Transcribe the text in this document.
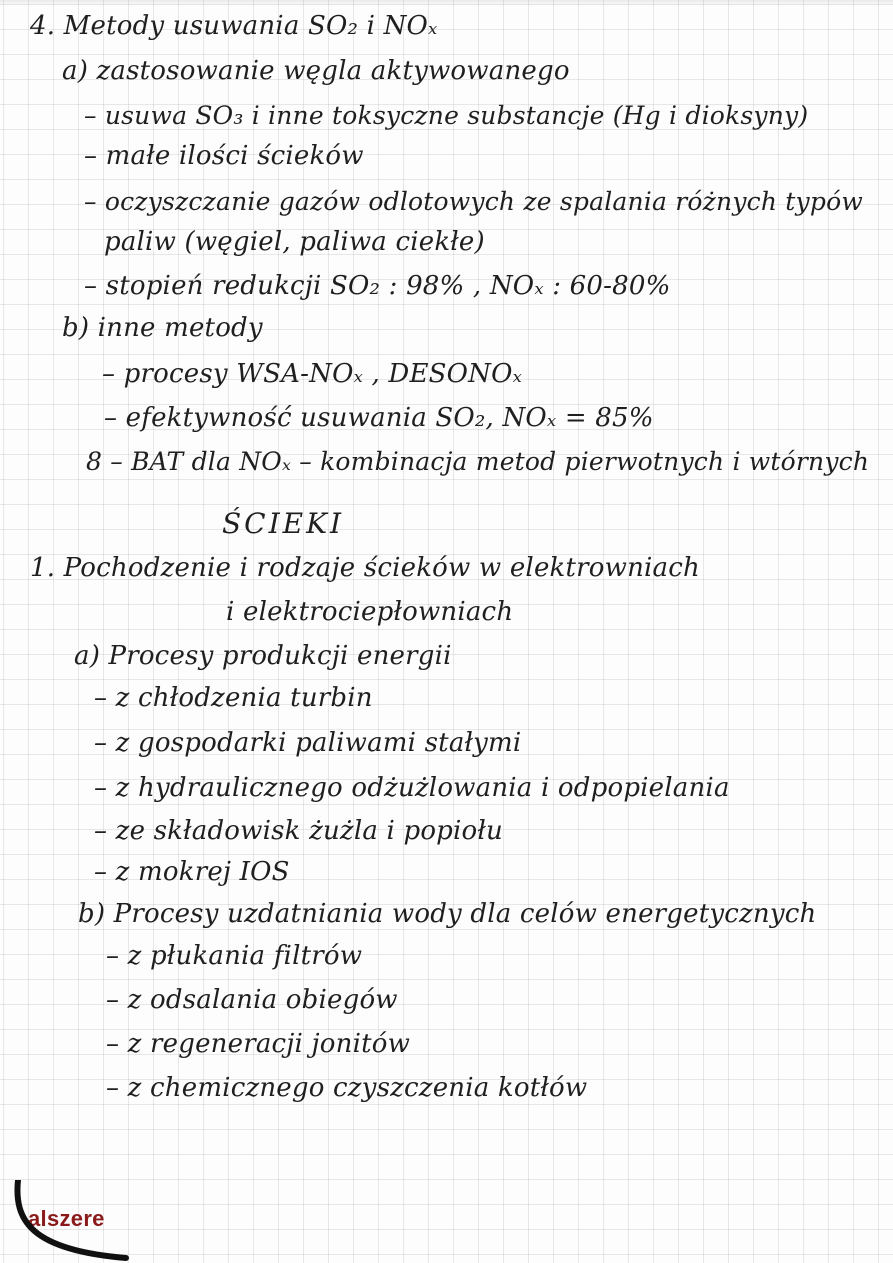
4. Metody usuwania SO₂ i NOₓ
a) zastosowanie węgla aktywowanego
– usuwa SO₃ i inne toksyczne substancje (Hg i dioksyny)
– małe ilości ścieków
– oczyszczanie gazów odlotowych ze spalania różnych typów
paliw (węgiel, paliwa ciekłe)
– stopień redukcji SO₂ : 98% , NOₓ : 60-80%
b) inne metody
– procesy WSA-NOₓ , DESONOₓ
– efektywność usuwania SO₂, NOₓ = 85%
8 – BAT dla NOₓ – kombinacja metod pierwotnych i wtórnych
ŚCIEKI
1. Pochodzenie i rodzaje ścieków w elektrowniach
i elektrociepłowniach
a) Procesy produkcji energii
– z chłodzenia turbin
– z gospodarki paliwami stałymi
– z hydraulicznego odżużlowania i odpopielania
– ze składowisk żużla i popiołu
– z mokrej IOS
b) Procesy uzdatniania wody dla celów energetycznych
– z płukania filtrów
– z odsalania obiegów
– z regeneracji jonitów
– z chemicznego czyszczenia kotłów
alszere
